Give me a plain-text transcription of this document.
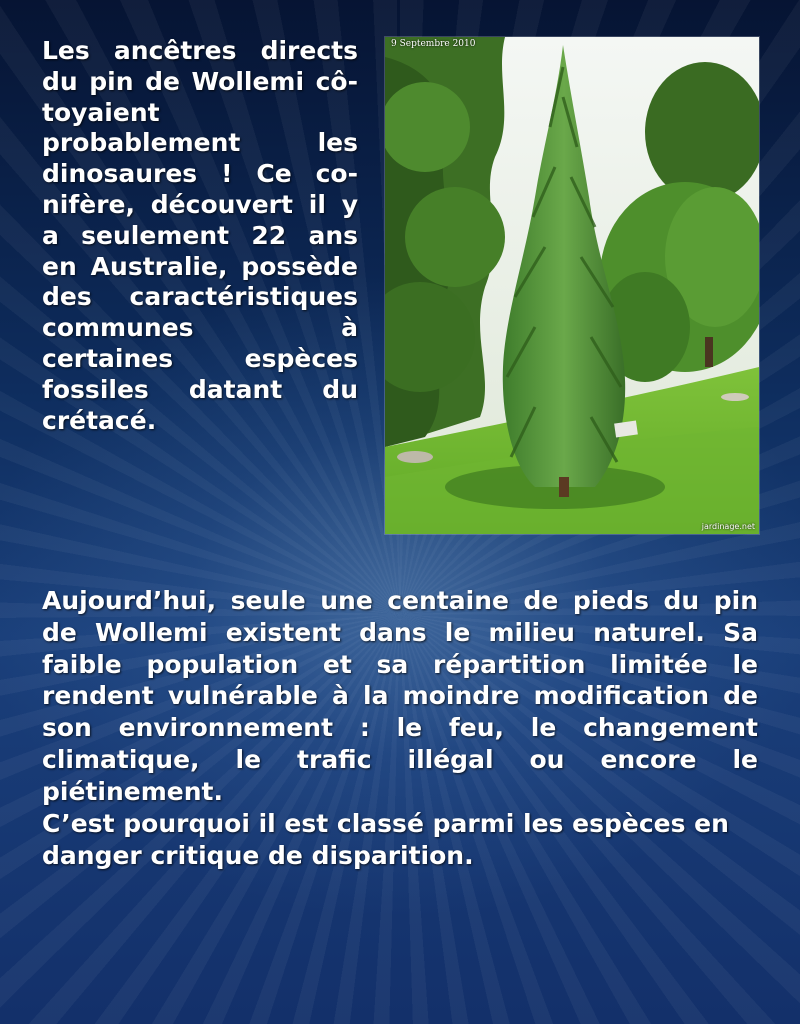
Les ancêtres directs du pin de Wollemi côtoyaient probablement les dinosaures ! Ce conifère, découvert il y a seulement 22 ans en Australie, possède des caractéristiques communes à certaines espèces fossiles datant du crétacé.

9 Septembre 2010
jardinage.net

Aujourd’hui, seule une centaine de pieds du pin de Wollemi existent dans le milieu naturel. Sa faible population et sa répartition limitée le rendent vulnérable à la moindre modification de son environnement : le feu, le changement climatique, le trafic illégal ou encore le piétinement.

C’est pourquoi il est classé parmi les espèces en danger critique de disparition.
